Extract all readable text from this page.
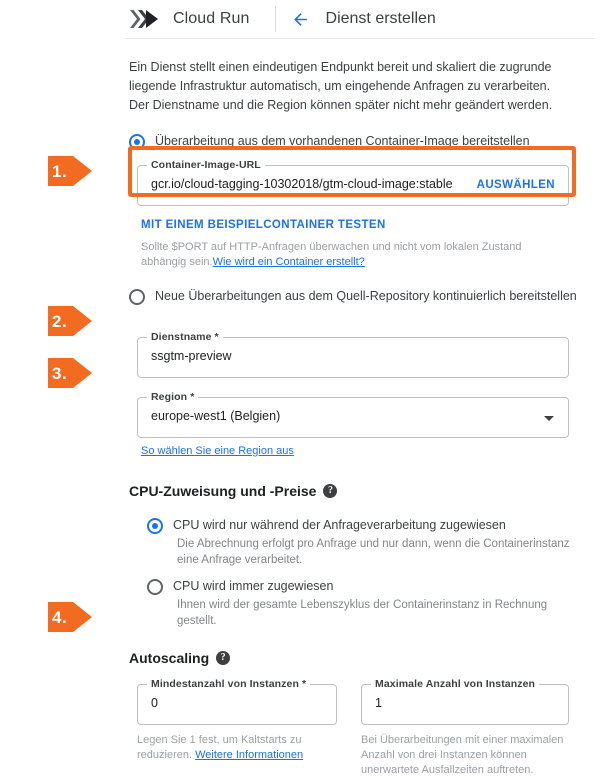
Cloud Run	Dienst erstellen
Ein Dienst stellt einen eindeutigen Endpunkt bereit und skaliert die zugrunde liegende Infrastruktur automatisch, um eingehende Anfragen zu verarbeiten. Der Dienstname und die Region können später nicht mehr geändert werden.
Überarbeitung aus dem vorhandenen Container-Image bereitstellen
Container-Image-URL
gcr.io/cloud-tagging-10302018/gtm-cloud-image:stable AUSWÄHLEN
MIT EINEM BEISPIELCONTAINER TESTEN
Sollte $PORT auf HTTP-Anfragen überwachen und nicht vom lokalen Zustand abhängig sein.Wie wird ein Container erstellt?
Neue Überarbeitungen aus dem Quell-Repository kontinuierlich bereitstellen
Dienstname *
ssgtm-preview
Region *
europe-west1 (Belgien)
So wählen Sie eine Region aus
CPU-Zuweisung und -Preise	?
CPU wird nur während der Anfrageverarbeitung zugewiesen
Die Abrechnung erfolgt pro Anfrage und nur dann, wenn die Containerinstanz eine Anfrage verarbeitet.
CPU wird immer zugewiesen
Ihnen wird der gesamte Lebenszyklus der Containerinstanz in Rechnung gestellt.
Autoscaling	?
Mindestanzahl von Instanzen *
0
Legen Sie 1 fest, um Kaltstarts zu reduzieren. Weitere Informationen
Maximale Anzahl von Instanzen
1
Bei Überarbeitungen mit einer maximalen Anzahl von drei Instanzen können unerwartete Ausfallzeiten auftreten.
1.
2.
3.
4.
